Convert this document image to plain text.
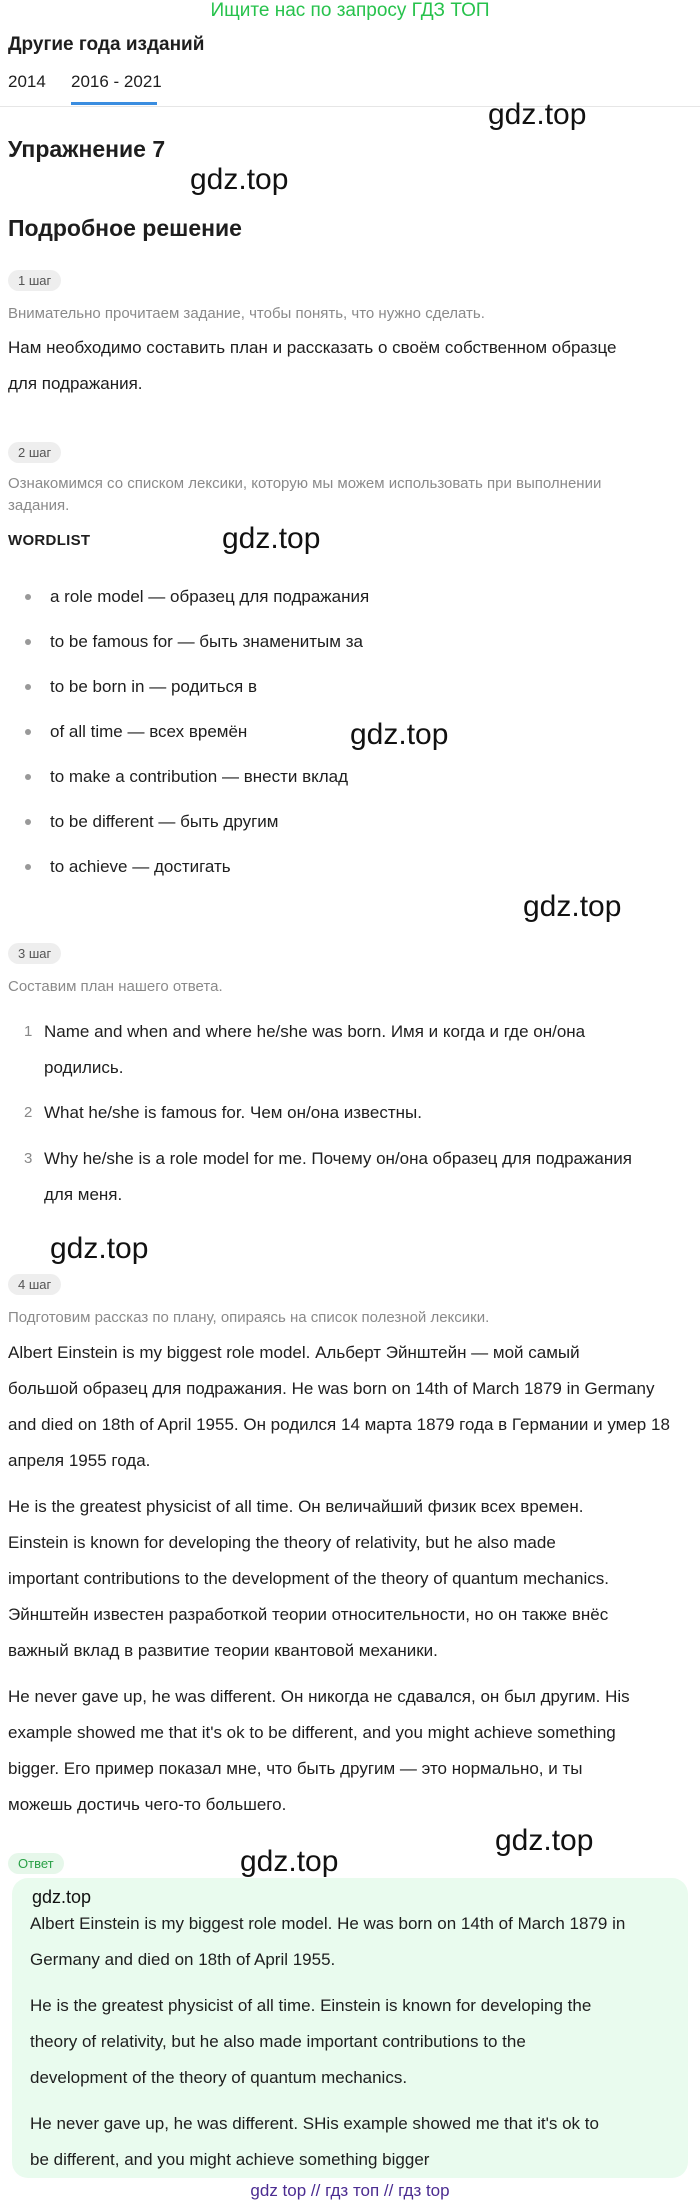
Ищите нас по запросу ГДЗ ТОП
Другие года изданий
2014 2016 - 2021
gdz.top
gdz.top
gdz.top
gdz.top
gdz.top
gdz.top
gdz.top
gdz.top
Упражнение 7
Подробное решение
1 шаг
Внимательно прочитаем задание, чтобы понять, что нужно сделать.
Нам необходимо составить план и рассказать о своём собственном образце
для подражания.
2 шаг
Ознакомимся со списком лексики, которую мы можем использовать при выполнении
задания.
WORDLIST
a role model — образец для подражания
to be famous for — быть знаменитым за
to be born in — родиться в
of all time — всех времён
to make a contribution — внести вклад
to be different — быть другим
to achieve — достигать
3 шаг
Составим план нашего ответа.
1 Name and when and where he/she was born. Имя и когда и где он/она
родились.
2 What he/she is famous for. Чем он/она известны.
3 Why he/she is a role model for me. Почему он/она образец для подражания
для меня.
4 шаг
Подготовим рассказ по плану, опираясь на список полезной лексики.
Albert Einstein is my biggest role model. Альберт Эйнштейн — мой самый
большой образец для подражания. He was born on 14th of March 1879 in Germany
and died on 18th of April 1955. Он родился 14 марта 1879 года в Германии и умер 18
апреля 1955 года.
He is the greatest physicist of all time. Он величайший физик всех времен.
Einstein is known for developing the theory of relativity, but he also made
important contributions to the development of the theory of quantum mechanics.
Эйнштейн известен разработкой теории относительности, но он также внёс
важный вклад в развитие теории квантовой механики.
He never gave up, he was different. Он никогда не сдавался, он был другим. His
example showed me that it's ok to be different, and you might achieve something
bigger. Его пример показал мне, что быть другим — это нормально, и ты
можешь достичь чего-то большего.
Ответ
gdz.top
Albert Einstein is my biggest role model. He was born on 14th of March 1879 in
Germany and died on 18th of April 1955.
He is the greatest physicist of all time. Einstein is known for developing the
theory of relativity, but he also made important contributions to the
development of the theory of quantum mechanics.
He never gave up, he was different. SHis example showed me that it's ok to
be different, and you might achieve something bigger
gdz top // гдз топ // гдз top
